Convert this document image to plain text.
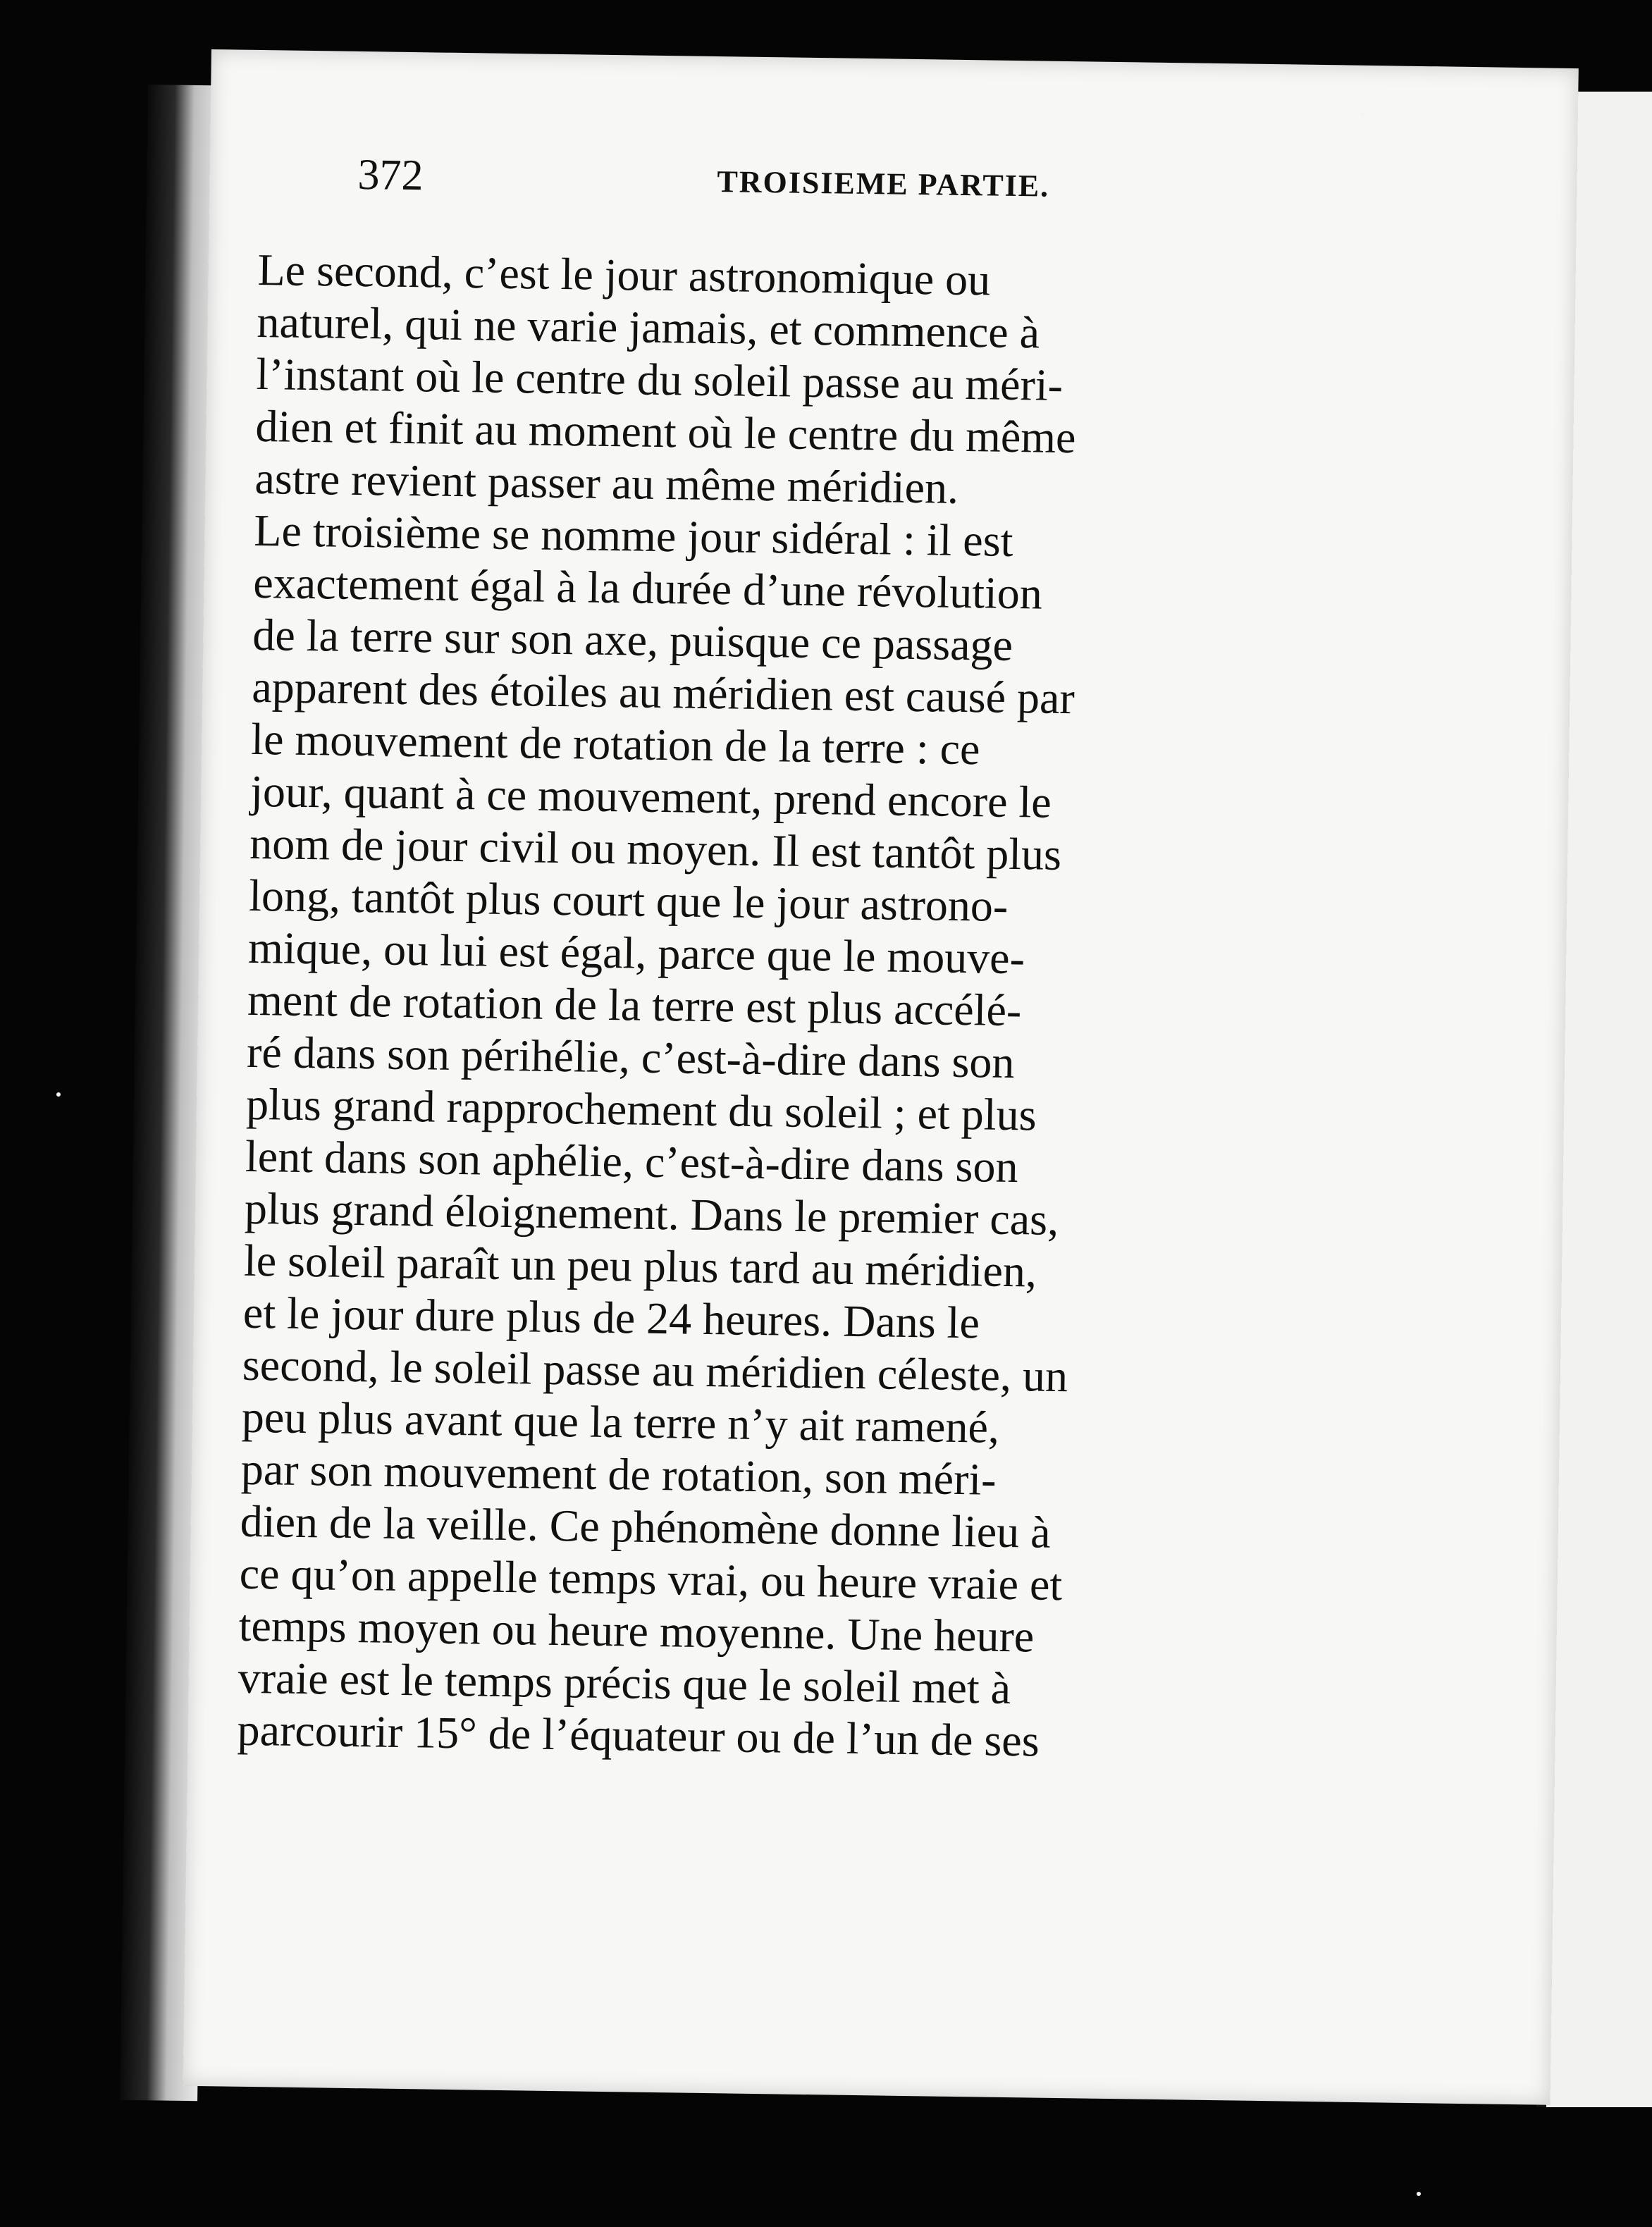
372	TROISIEME PARTIE.
Le second, c’est le jour astronomique ou
naturel, qui ne varie jamais, et commence à
l’instant où le centre du soleil passe au méri-
dien et finit au moment où le centre du même
astre revient passer au même méridien.
Le troisième se nomme jour sidéral : il est
exactement égal à la durée d’une révolution
de la terre sur son axe, puisque ce passage
apparent des étoiles au méridien est causé par
le mouvement de rotation de la terre : ce
jour, quant à ce mouvement, prend encore le
nom de jour civil ou moyen. Il est tantôt plus
long, tantôt plus court que le jour astrono-
mique, ou lui est égal, parce que le mouve-
ment de rotation de la terre est plus accélé-
ré dans son périhélie, c’est-à-dire dans son
plus grand rapprochement du soleil ; et plus
lent dans son aphélie, c’est-à-dire dans son
plus grand éloignement. Dans le premier cas,
le soleil paraît un peu plus tard au méridien,
et le jour dure plus de 24 heures. Dans le
second, le soleil passe au méridien céleste, un
peu plus avant que la terre n’y ait ramené,
par son mouvement de rotation, son méri-
dien de la veille. Ce phénomène donne lieu à
ce qu’on appelle temps vrai, ou heure vraie et
temps moyen ou heure moyenne. Une heure
vraie est le temps précis que le soleil met à
parcourir 15° de l’équateur ou de l’un de ses
